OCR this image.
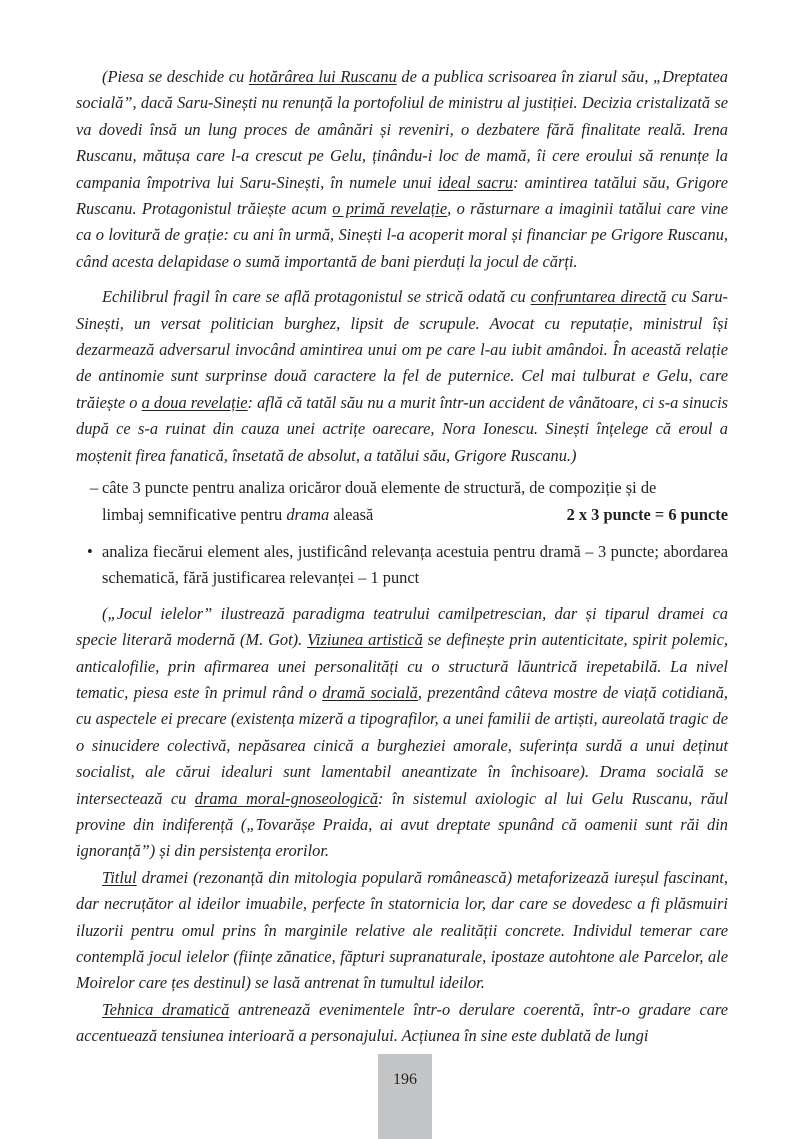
(Piesa se deschide cu hotărârea lui Ruscanu de a publica scrisoarea în ziarul său, „Dreptatea socială”, dacă Saru-Sinești nu renunță la portofoliul de ministru al justiției. Decizia cristalizată se va dovedi însă un lung proces de amânări și reveniri, o dezbatere fără finalitate reală. Irena Ruscanu, mătușa care l-a crescut pe Gelu, ținându-i loc de mamă, îi cere eroului să renunțe la campania împotriva lui Saru-Sinești, în numele unui ideal sacru: amintirea tatălui său, Grigore Ruscanu. Protagonistul trăiește acum o primă revelație, o răsturnare a imaginii tatălui care vine ca o lovitură de grație: cu ani în urmă, Sinești l-a acoperit moral și financiar pe Grigore Ruscanu, când acesta delapidase o sumă importantă de bani pierduți la jocul de cărți.

Echilibrul fragil în care se află protagonistul se strică odată cu confruntarea directă cu Saru-Sinești, un versat politician burghez, lipsit de scrupule. Avocat cu reputație, ministrul își dezarmează adversarul invocând amintirea unui om pe care l-au iubit amândoi. În această relație de antinomie sunt surprinse două caractere la fel de puternice. Cel mai tulburat e Gelu, care trăiește o a doua revelație: află că tatăl său nu a murit într-un accident de vânătoare, ci s-a sinucis după ce s-a ruinat din cauza unei actrițe oarecare, Nora Ionescu. Sinești înțelege că eroul a moștenit firea fanatică, însetată de absolut, a tatălui său, Grigore Ruscanu.)

– câte 3 puncte pentru analiza oricăror două elemente de structură, de compoziție și de
limbaj semnificative pentru drama aleasă	2 x 3 puncte = 6 puncte
• analiza fiecărui element ales, justificând relevanța acestuia pentru dramă – 3 puncte; abordarea schematică, fără justificarea relevanței – 1 punct

(„Jocul ielelor” ilustrează paradigma teatrului camilpetrescian, dar și tiparul dramei ca specie literară modernă (M. Got). Viziunea artistică se definește prin autenticitate, spirit polemic, anticalofilie, prin afirmarea unei personalități cu o structură lăuntrică irepetabilă. La nivel tematic, piesa este în primul rând o dramă socială, prezentând câteva mostre de viață cotidiană, cu aspectele ei precare (existența mizeră a tipografilor, a unei familii de artiști, aureolată tragic de o sinucidere colectivă, nepăsarea cinică a burgheziei amorale, suferința surdă a unui deținut socialist, ale cărui idealuri sunt lamentabil aneantizate în închisoare). Drama socială se intersectează cu drama moral-gnoseologică: în sistemul axiologic al lui Gelu Ruscanu, răul provine din indiferență („Tovarășe Praida, ai avut dreptate spunând că oamenii sunt răi din ignoranță”) și din persistența erorilor.

Titlul dramei (rezonanță din mitologia populară românească) metaforizează iureșul fascinant, dar necruțător al ideilor imuabile, perfecte în statornicia lor, dar care se dovedesc a fi plăsmuiri iluzorii pentru omul prins în marginile relative ale realității concrete. Individul temerar care contemplă jocul ielelor (ființe zănatice, făpturi supranaturale, ipostaze autohtone ale Parcelor, ale Moirelor care țes destinul) se lasă antrenat în tumultul ideilor.

Tehnica dramatică antrenează evenimentele într-o derulare coerentă, într-o gradare care accentuează tensiunea interioară a personajului. Acțiunea în sine este dublată de lungi

196
